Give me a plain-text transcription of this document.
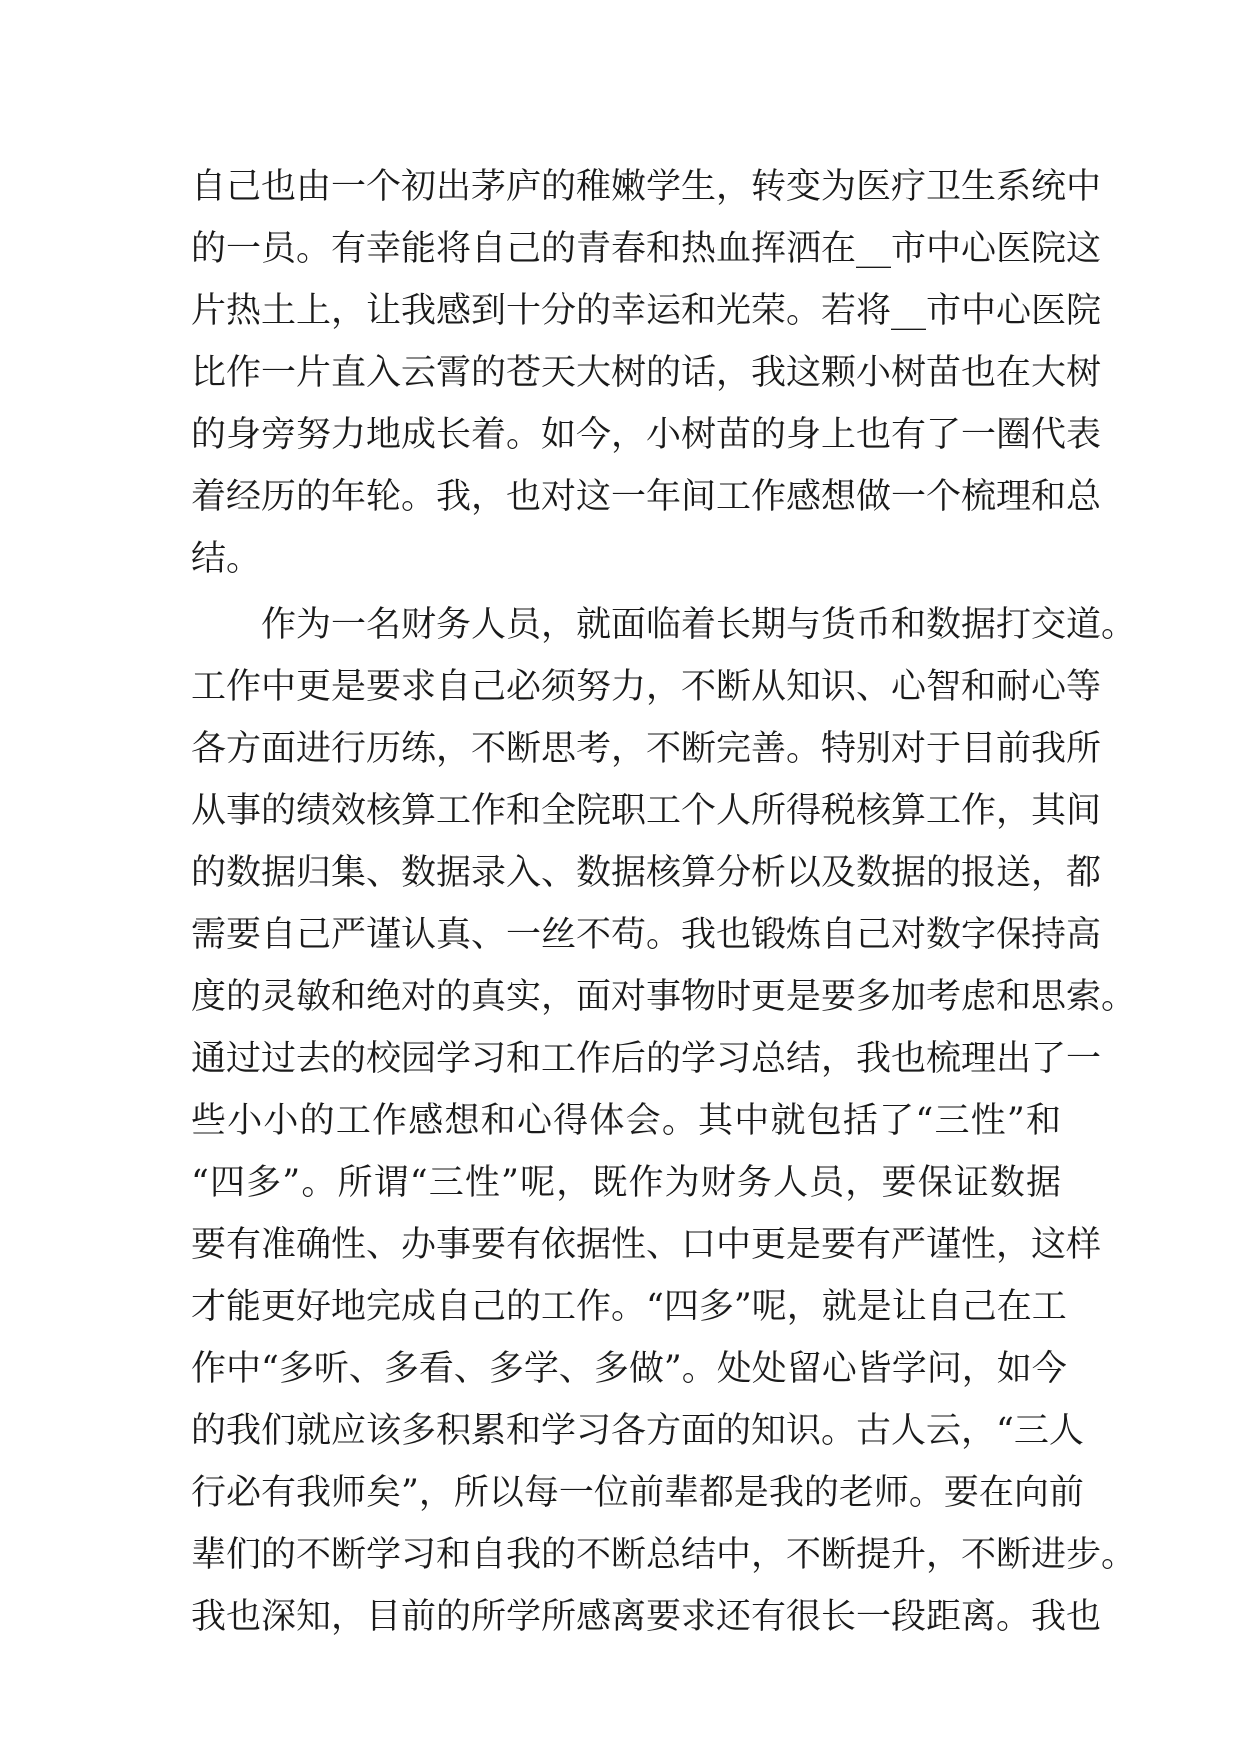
自己也由一个初出茅庐的稚嫩学生，转变为医疗卫生系统中
的一员。有幸能将自己的青春和热血挥洒在__市中心医院这
片热土上，让我感到十分的幸运和光荣。若将__市中心医院
比作一片直入云霄的苍天大树的话，我这颗小树苗也在大树
的身旁努力地成长着。如今，小树苗的身上也有了一圈代表
着经历的年轮。我，也对这一年间工作感想做一个梳理和总
结。
　　作为一名财务人员，就面临着长期与货币和数据打交道。
工作中更是要求自己必须努力，不断从知识、心智和耐心等
各方面进行历练，不断思考，不断完善。特别对于目前我所
从事的绩效核算工作和全院职工个人所得税核算工作，其间
的数据归集、数据录入、数据核算分析以及数据的报送，都
需要自己严谨认真、一丝不苟。我也锻炼自己对数字保持高
度的灵敏和绝对的真实，面对事物时更是要多加考虑和思索。
通过过去的校园学习和工作后的学习总结，我也梳理出了一
些小小的工作感想和心得体会。其中就包括了“三性”和
“四多”。所谓“三性”呢，既作为财务人员，要保证数据
要有准确性、办事要有依据性、口中更是要有严谨性，这样
才能更好地完成自己的工作。“四多”呢，就是让自己在工
作中“多听、多看、多学、多做”。处处留心皆学问，如今
的我们就应该多积累和学习各方面的知识。古人云，“三人
行必有我师矣”，所以每一位前辈都是我的老师。要在向前
辈们的不断学习和自我的不断总结中，不断提升，不断进步。
我也深知，目前的所学所感离要求还有很长一段距离。我也
